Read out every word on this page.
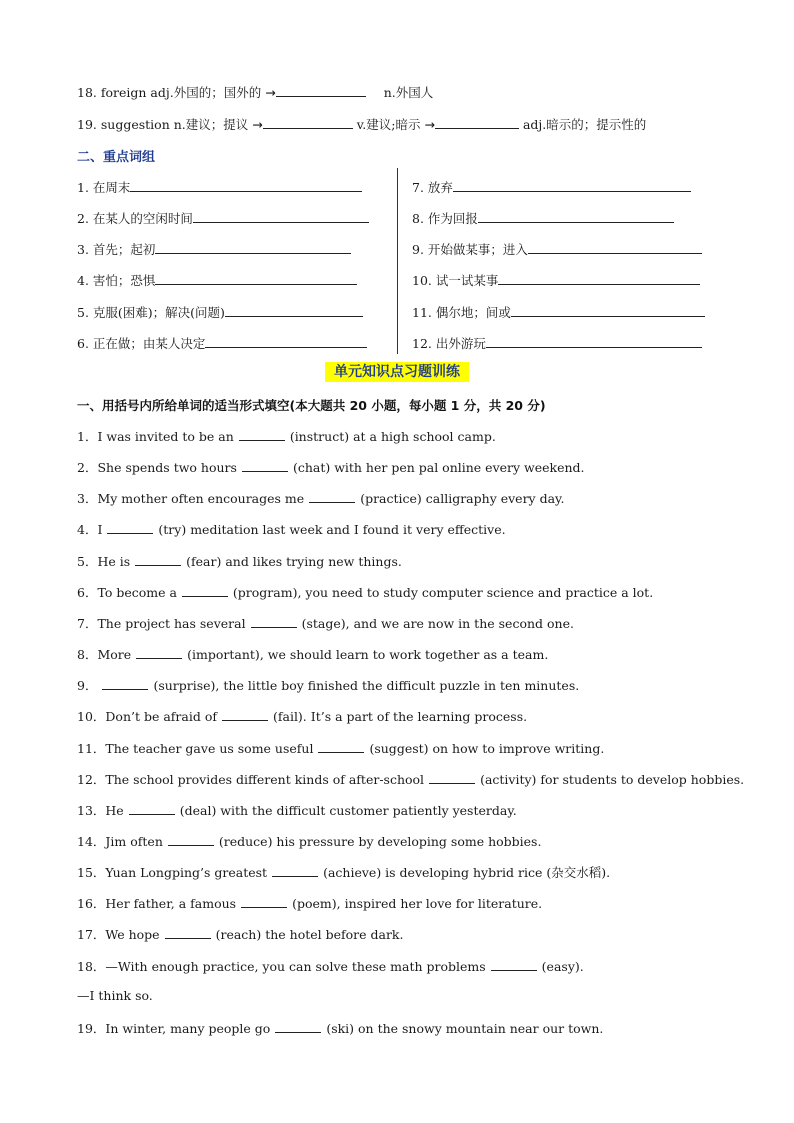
18. foreign adj.外国的；国外的 →	n.外国人
19. suggestion n.建议；提议 →	v.建议;暗示 →	adj.暗示的；提示性的
二、重点词组
1. 在周末
2. 在某人的空闲时间
3. 首先；起初
4. 害怕；恐惧
5. 克服(困难)；解决(问题)
6. 正在做；由某人决定
7. 放弃
8. 作为回报
9. 开始做某事；进入
10. 试一试某事
11. 偶尔地；间或
12. 出外游玩
单元知识点习题训练
一、用括号内所给单词的适当形式填空(本大题共 20 小题，每小题 1 分，共 20 分)
1．I was invited to be an	(instruct) at a high school camp.
2．She spends two hours	(chat) with her pen pal online every weekend.
3．My mother often encourages me	(practice) calligraphy every day.
4．I	(try) meditation last week and I found it very effective.
5．He is	(fear) and likes trying new things.
6．To become a	(program), you need to study computer science and practice a lot.
7．The project has several	(stage), and we are now in the second one.
8．More	(important), we should learn to work together as a team.
9．	(surprise), the little boy finished the difficult puzzle in ten minutes.
10．Don’t be afraid of	(fail). It’s a part of the learning process.
11．The teacher gave us some useful	(suggest) on how to improve writing.
12．The school provides different kinds of after-school	(activity) for students to develop hobbies.
13．He	(deal) with the difficult customer patiently yesterday.
14．Jim often	(reduce) his pressure by developing some hobbies.
15．Yuan Longping’s greatest	(achieve) is developing hybrid rice (杂交水稻).
16．Her father, a famous	(poem), inspired her love for literature.
17．We hope	(reach) the hotel before dark.
18．—With enough practice, you can solve these math problems	(easy).
—I think so.
19．In winter, many people go	(ski) on the snowy mountain near our town.
